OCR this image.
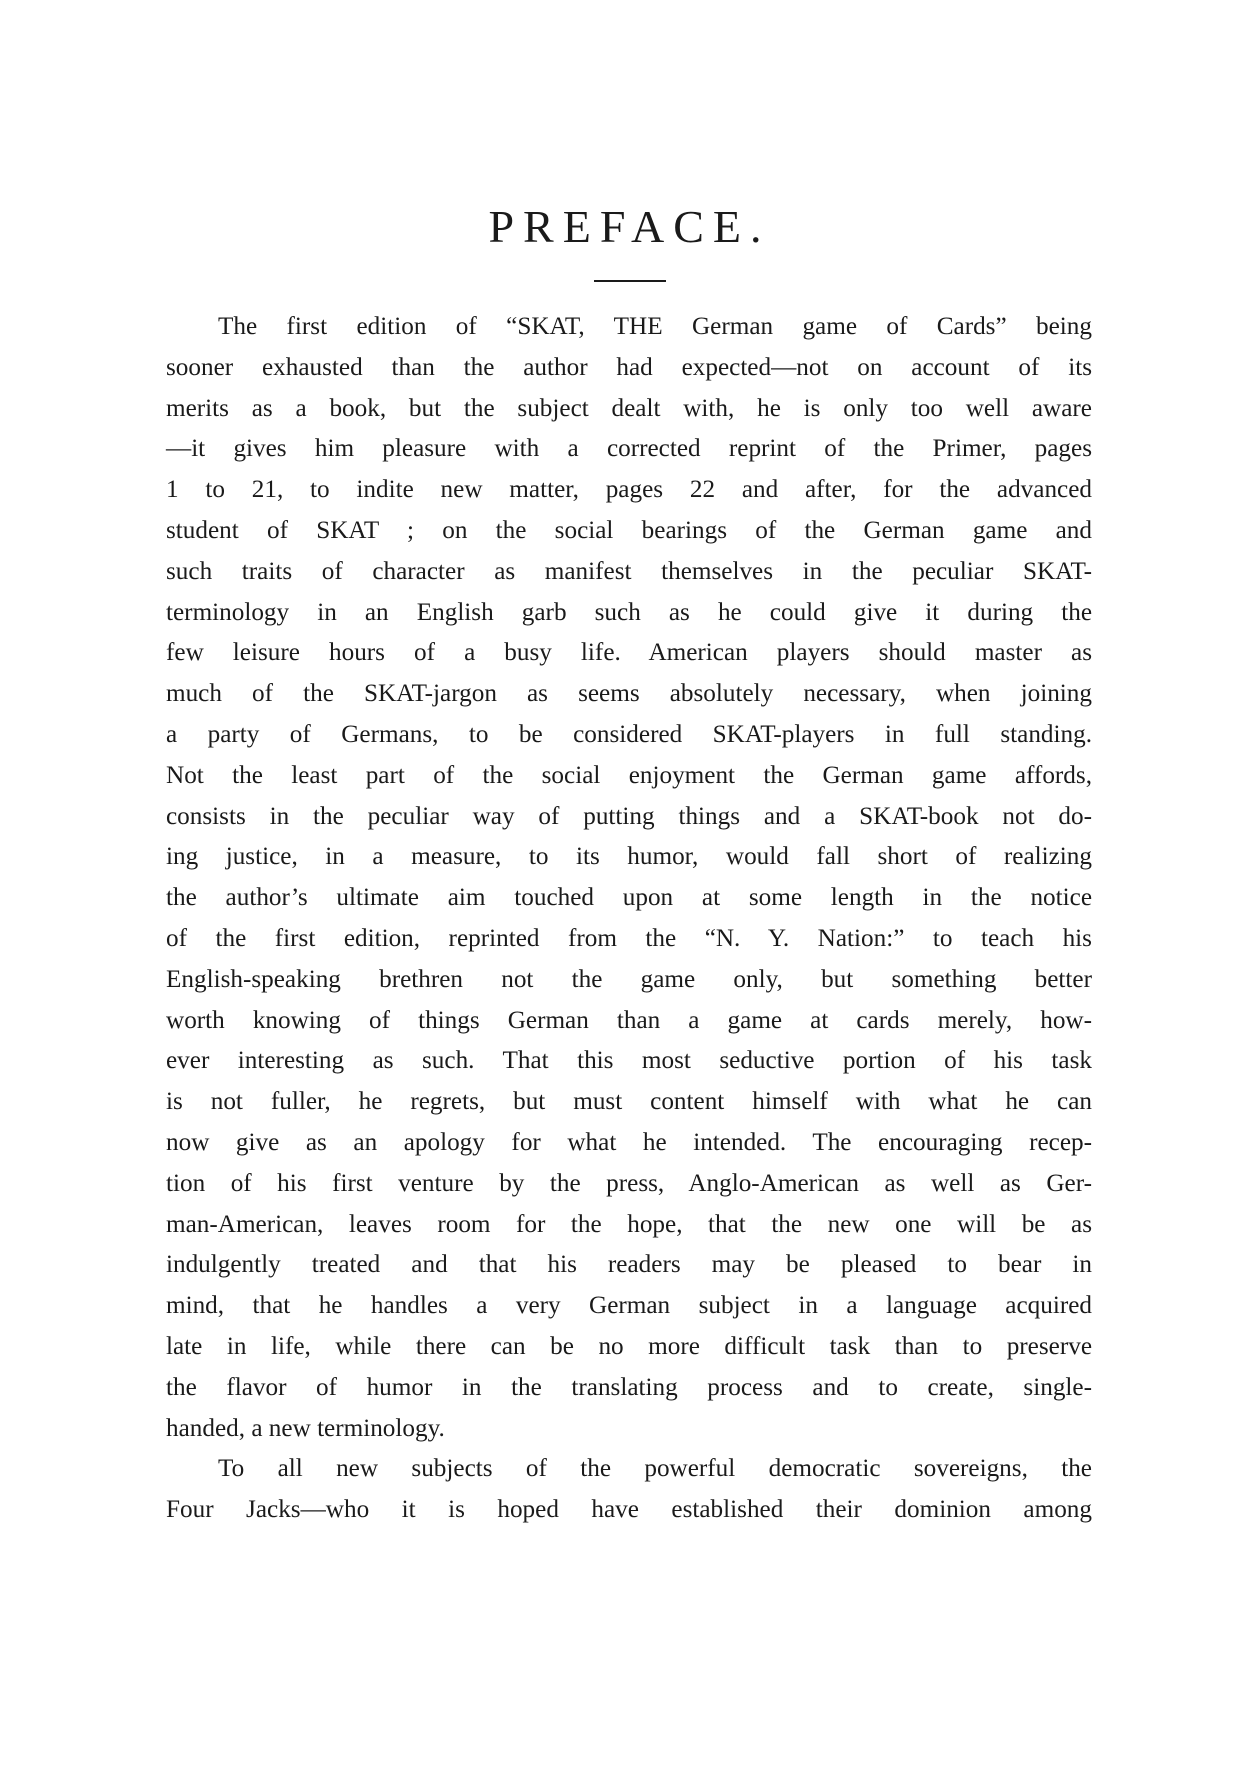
PREFACE.
The first edition of “SKAT, THE German game of Cards” being
sooner exhausted than the author had expected—not on account of its
merits as a book, but the subject dealt with, he is only too well aware
—it gives him pleasure with a corrected reprint of the Primer, pages
1 to 21, to indite new matter, pages 22 and after, for the advanced
student of SKAT ; on the social bearings of the German game and
such traits of character as manifest themselves in the peculiar SKAT-
terminology in an English garb such as he could give it during the
few leisure hours of a busy life. American players should master as
much of the SKAT-jargon as seems absolutely necessary, when joining
a party of Germans, to be considered SKAT-players in full standing.
Not the least part of the social enjoyment the German game affords,
consists in the peculiar way of putting things and a SKAT-book not do-
ing justice, in a measure, to its humor, would fall short of realizing
the author’s ultimate aim touched upon at some length in the notice
of the first edition, reprinted from the “N. Y. Nation:” to teach his
English-speaking brethren not the game only, but something better
worth knowing of things German than a game at cards merely, how-
ever interesting as such. That this most seductive portion of his task
is not fuller, he regrets, but must content himself with what he can
now give as an apology for what he intended. The encouraging recep-
tion of his first venture by the press, Anglo-American as well as Ger-
man-American, leaves room for the hope, that the new one will be as
indulgently treated and that his readers may be pleased to bear in
mind, that he handles a very German subject in a language acquired
late in life, while there can be no more difficult task than to preserve
the flavor of humor in the translating process and to create, single-
handed, a new terminology.
To all new subjects of the powerful democratic sovereigns, the
Four Jacks—who it is hoped have established their dominion among
